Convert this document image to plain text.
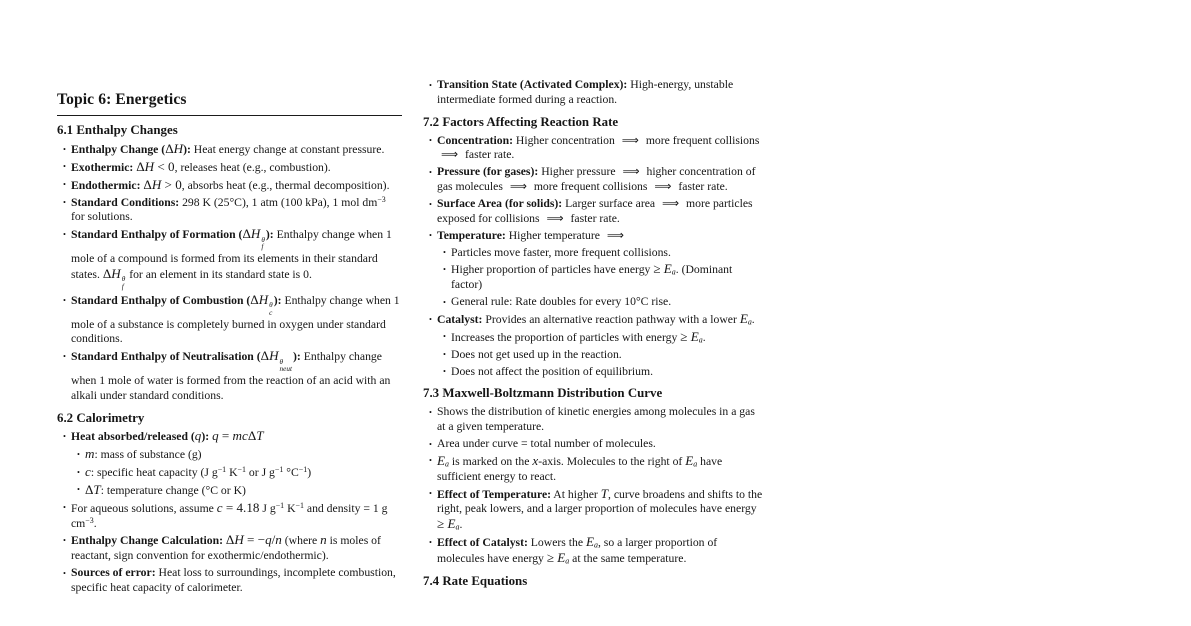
Topic 6: Energetics
6.1 Enthalpy Changes
• Enthalpy Change (ΔH): Heat energy change at constant pressure.
• Exothermic: ΔH < 0, releases heat (e.g., combustion).
• Endothermic: ΔH > 0, absorbs heat (e.g., thermal decomposition).
• Standard Conditions: 298 K (25°C), 1 atm (100 kPa), 1 mol $dm^{-3}$ for solutions.
• Standard Enthalpy of Formation (ΔH θ
f
): Enthalpy change when 1 mole of a compound is formed from its elements in their standard states. ΔH θ
f
for an element in its standard state is 0.
• Standard Enthalpy of Combustion (ΔH θ
c
): Enthalpy change when 1 mole of a substance is completely burned in oxygen under standard conditions.
• Standard Enthalpy of Neutralisation (ΔH θ
neut
): Enthalpy change when 1 mole of water is formed from the reaction of an acid with an alkali under standard conditions.
6.2 Calorimetry
• Heat absorbed/released (q): q = mcΔT
• m: mass of substance (g)
• c: specific heat capacity (J $g^{-1}$ $K^{-1}$ or J $g^{-1}$ $^\circ C^{-1}$)
• ΔT: temperature change (°C or K)
• For aqueous solutions, assume c = 4.18 J $g^{-1}$ $K^{-1}$ and density = 1 g $cm^{-3}$.
• Enthalpy Change Calculation: ΔH = −q/n (where n is moles of reactant, sign convention for exothermic/endothermic).
• Sources of error: Heat loss to surroundings, incomplete combustion, specific heat capacity of calorimeter.
• Transition State (Activated Complex): High-energy, unstable intermediate formed during a reaction.
7.2 Factors Affecting Reaction Rate
• Concentration: Higher concentration ⟹ more frequent collisions ⟹ faster rate.
• Pressure (for gases): Higher pressure ⟹ higher concentration of gas molecules ⟹ more frequent collisions ⟹ faster rate.
• Surface Area (for solids): Larger surface area ⟹ more particles exposed for collisions ⟹ faster rate.
• Temperature: Higher temperature ⟹
• Particles move faster, more frequent collisions.
• Higher proportion of particles have energy ≥ $E_a$. (Dominant factor)
• General rule: Rate doubles for every 10°C rise.
• Catalyst: Provides an alternative reaction pathway with a lower $E_a$.
• Increases the proportion of particles with energy ≥ $E_a$.
• Does not get used up in the reaction.
• Does not affect the position of equilibrium.
7.3 Maxwell-Boltzmann Distribution Curve
• Shows the distribution of kinetic energies among molecules in a gas at a given temperature.
• Area under curve = total number of molecules.
• $E_a$ is marked on the x-axis. Molecules to the right of $E_a$ have sufficient energy to react.
• Effect of Temperature: At higher T, curve broadens and shifts to the right, peak lowers, and a larger proportion of molecules have energy ≥ $E_a$.
• Effect of Catalyst: Lowers the $E_a$, so a larger proportion of molecules have energy ≥ $E_a$ at the same temperature.
7.4 Rate Equations
